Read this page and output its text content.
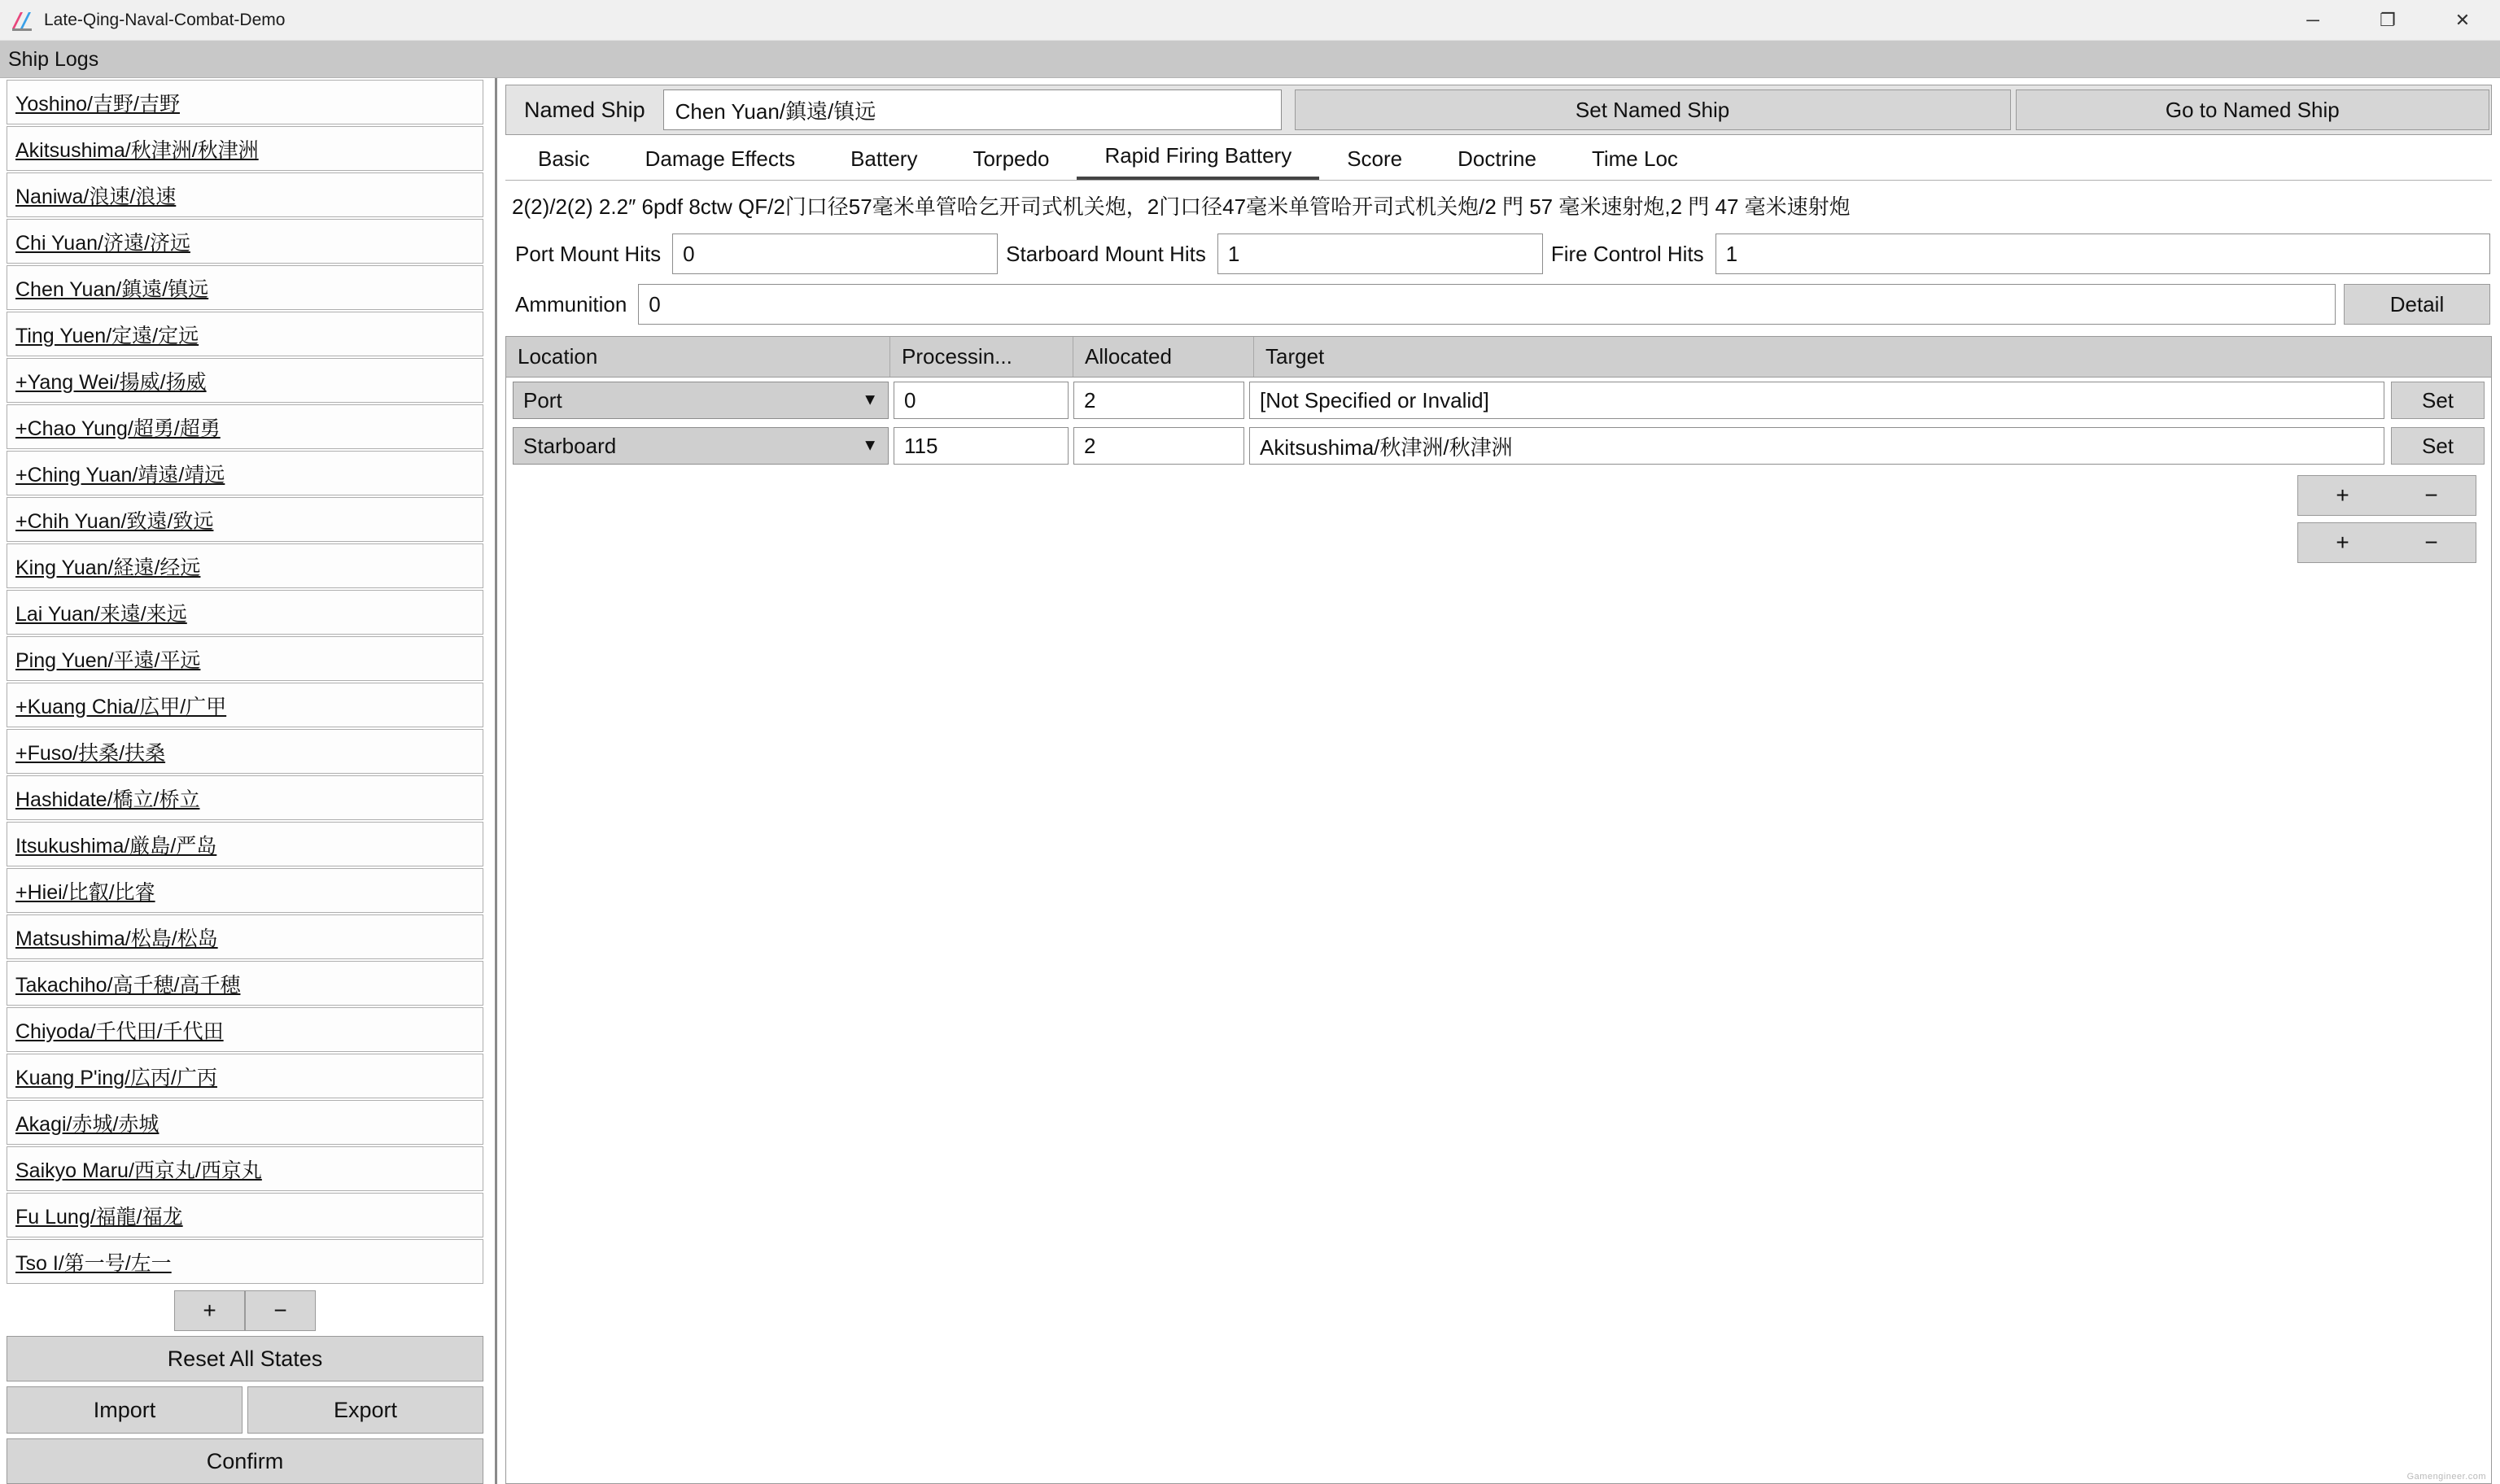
Late-Qing-Naval-Combat-Demo	─	❐	✕
Ship Logs
Yoshino/吉野/吉野
Akitsushima/秋津洲/秋津洲
Naniwa/浪速/浪速
Chi Yuan/济遠/济远
Chen Yuan/鎮遠/镇远
Ting Yuen/定遠/定远
+Yang Wei/揚威/扬威
+Chao Yung/超勇/超勇
+Ching Yuan/靖遠/靖远
+Chih Yuan/致遠/致远
King Yuan/経遠/经远
Lai Yuan/来遠/来远
Ping Yuen/平遠/平远
+Kuang Chia/広甲/广甲
+Fuso/扶桑/扶桑
Hashidate/橋立/桥立
Itsukushima/厳島/严岛
+Hiei/比叡/比睿
Matsushima/松島/松岛
Takachiho/高千穂/高千穂
Chiyoda/千代田/千代田
Kuang P'ing/広丙/广丙
Akagi/赤城/赤城
Saikyo Maru/西京丸/西京丸
Fu Lung/福龍/福龙
Tso I/第一号/左一
+	−
Reset All States
Import	Export
Confirm
Named Ship	Chen Yuan/鎮遠/镇远	Set Named Ship	Go to Named Ship
Basic	Damage Effects	Battery	Torpedo	Rapid Firing Battery	Score	Doctrine	Time Loc
2(2)/2(2) 2.2″ 6pdf 8ctw QF/2门口径57毫米单管哈乞开司式机关炮，2门口径47毫米单管哈开司式机关炮/2 門 57 毫米速射炮,2 門 47 毫米速射炮
Port Mount Hits	0	Starboard Mount Hits	1	Fire Control Hits	1
Ammunition	0	Detail
Location	Processin...	Allocated	Target
Port	▼	0	2	[Not Specified or Invalid]	Set
Starboard	▼	115	2	Akitsushima/秋津洲/秋津洲	Set
+	−
+	−
Gamengineer.com
